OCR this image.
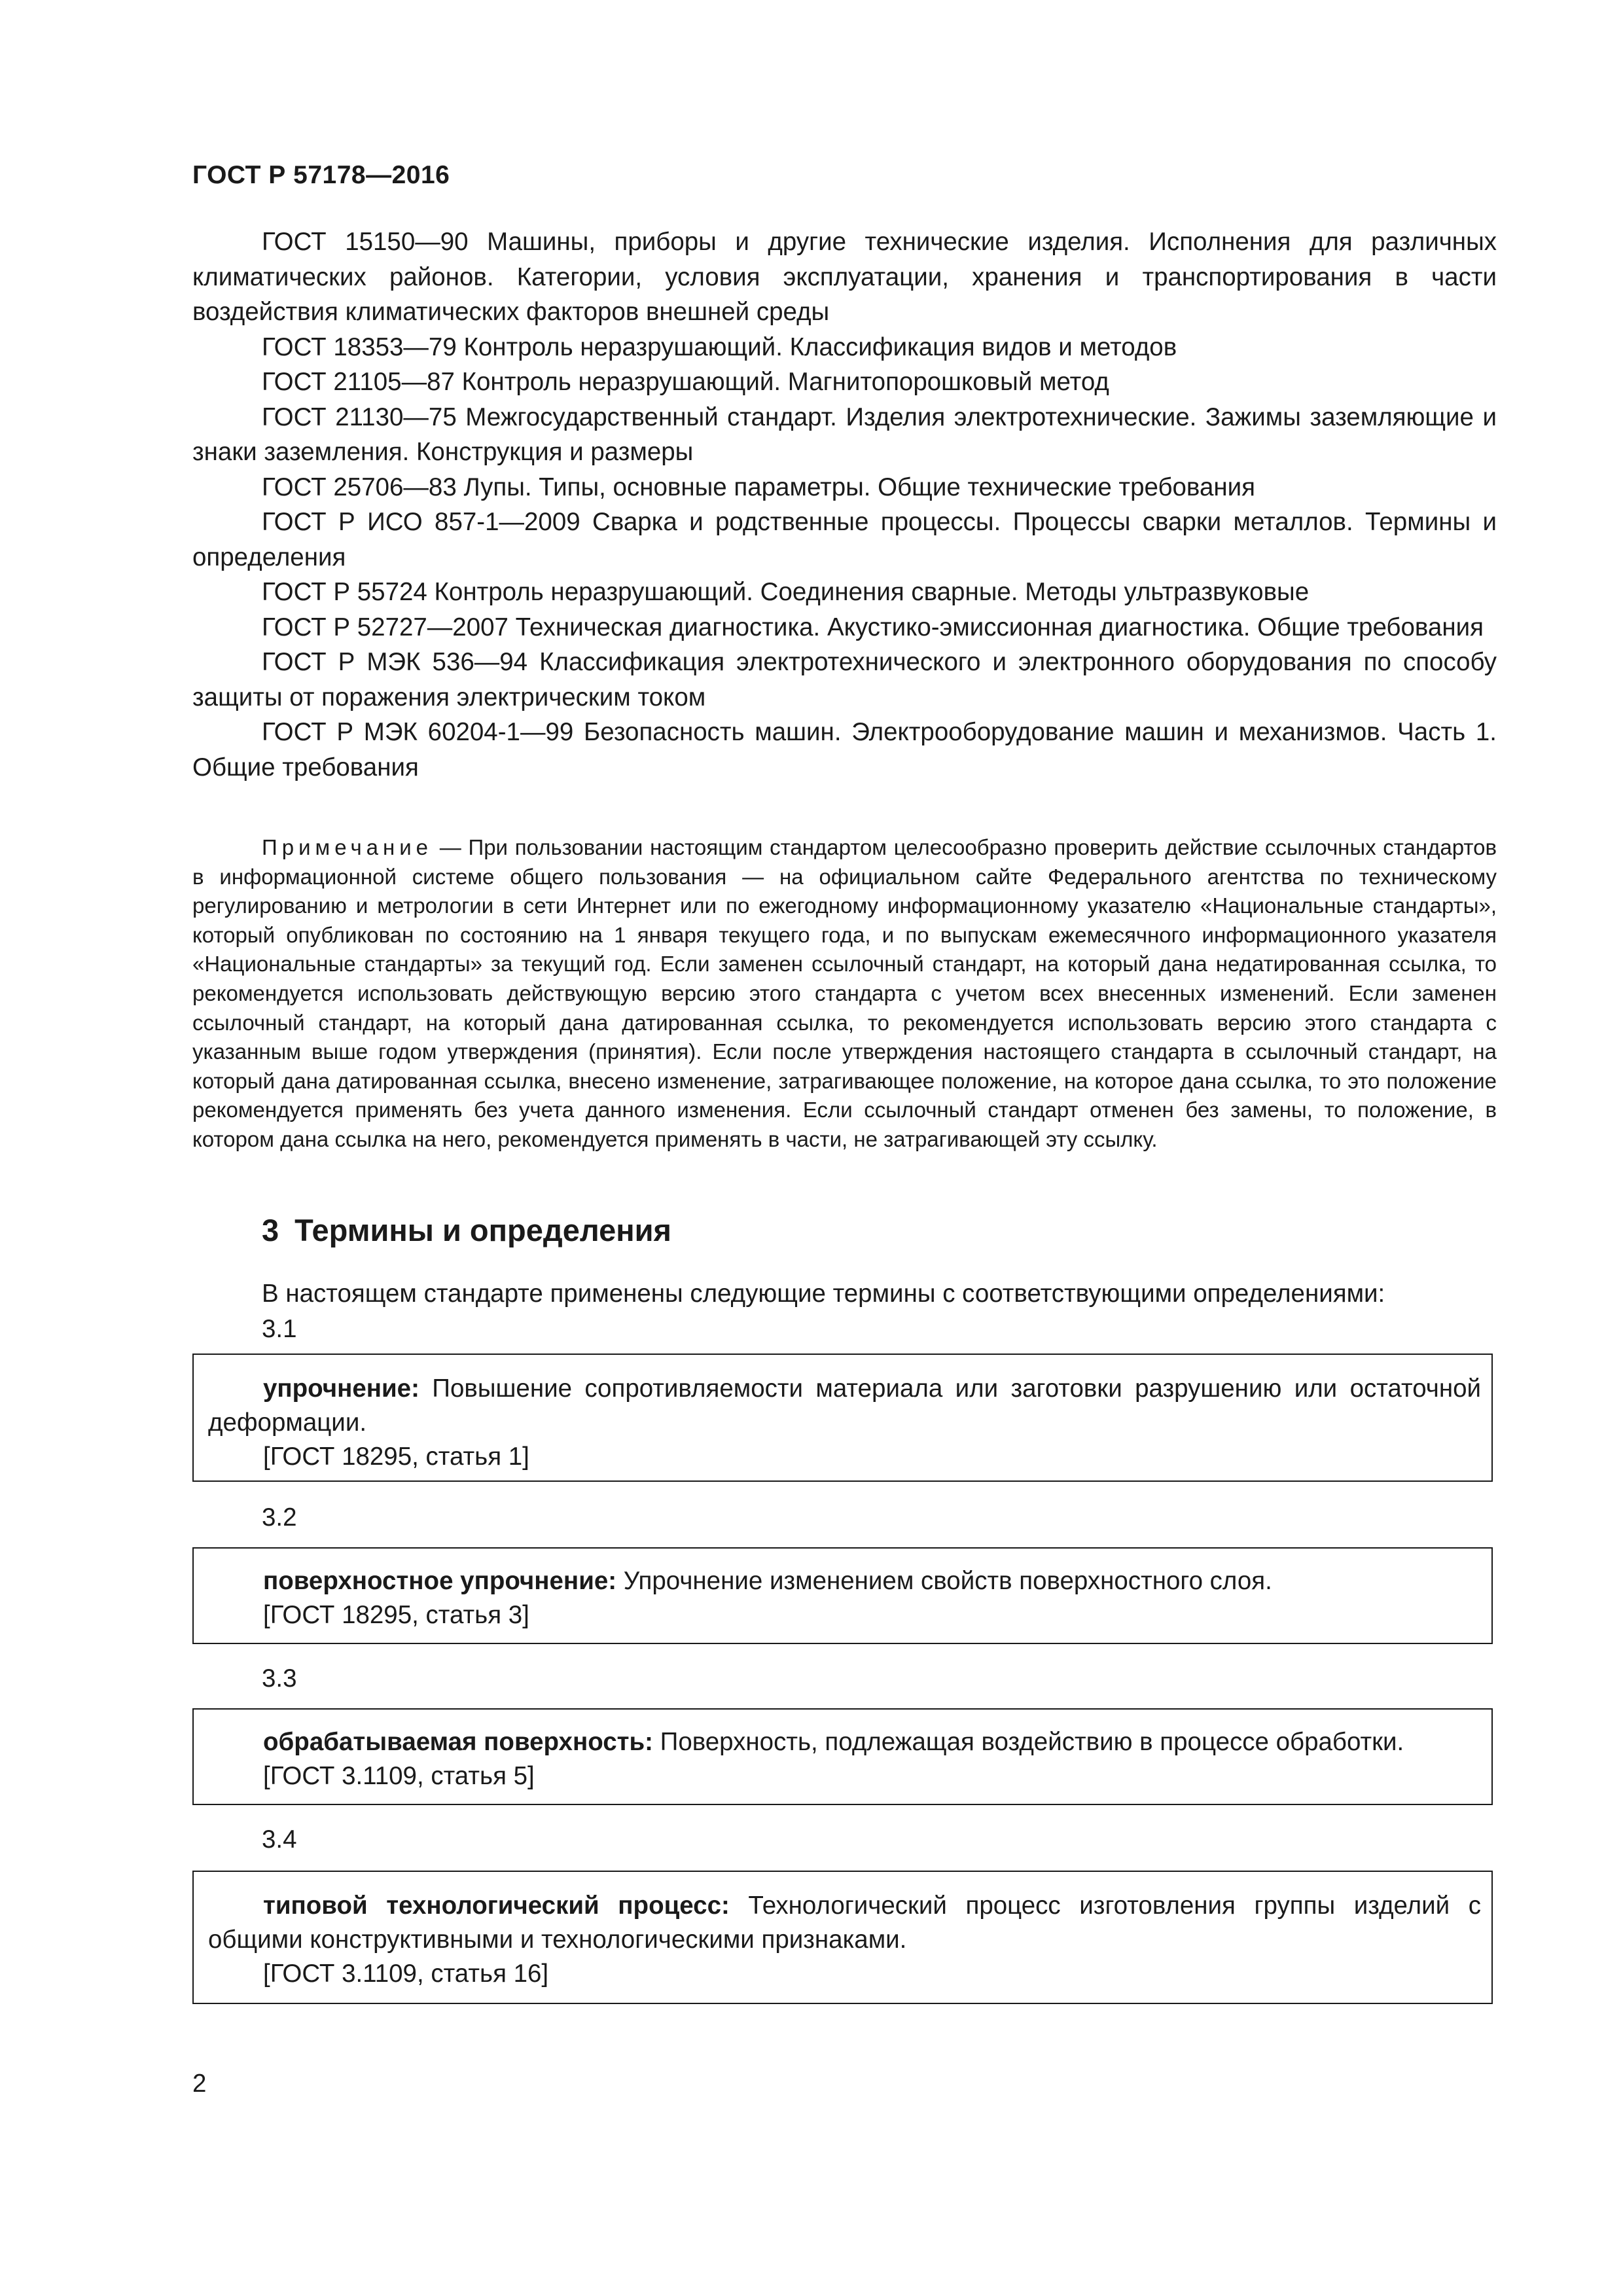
ГОСТ Р 57178—2016

ГОСТ 15150—90 Машины, приборы и другие технические изделия. Исполнения для различных климатических районов. Категории, условия эксплуатации, хранения и транспортирования в части воздействия климатических факторов внешней среды

ГОСТ 18353—79 Контроль неразрушающий. Классификация видов и методов

ГОСТ 21105—87 Контроль неразрушающий. Магнитопорошковый метод

ГОСТ 21130—75 Межгосударственный стандарт. Изделия электротехнические. Зажимы заземляющие и знаки заземления. Конструкция и размеры

ГОСТ 25706—83 Лупы. Типы, основные параметры. Общие технические требования

ГОСТ Р ИСО 857-1—2009 Сварка и родственные процессы. Процессы сварки металлов. Термины и определения

ГОСТ Р 55724 Контроль неразрушающий. Соединения сварные. Методы ультразвуковые

ГОСТ Р 52727—2007 Техническая диагностика. Акустико-эмиссионная диагностика. Общие требования

ГОСТ Р МЭК 536—94 Классификация электротехнического и электронного оборудования по способу защиты от поражения электрическим током

ГОСТ Р МЭК 60204-1—99 Безопасность машин. Электрооборудование машин и механизмов. Часть 1. Общие требования

Примечание — При пользовании настоящим стандартом целесообразно проверить действие ссылочных стандартов в информационной системе общего пользования — на официальном сайте Федерального агентства по техническому регулированию и метрологии в сети Интернет или по ежегодному информационному указателю «Национальные стандарты», который опубликован по состоянию на 1 января текущего года, и по выпускам ежемесячного информационного указателя «Национальные стандарты» за текущий год. Если заменен ссылочный стандарт, на который дана недатированная ссылка, то рекомендуется использовать действующую версию этого стандарта с учетом всех внесенных изменений. Если заменен ссылочный стандарт, на который дана датированная ссылка, то рекомендуется использовать версию этого стандарта с указанным выше годом утверждения (принятия). Если после утверждения настоящего стандарта в ссылочный стандарт, на который дана датированная ссылка, внесено изменение, затрагивающее положение, на которое дана ссылка, то это положение рекомендуется применять без учета данного изменения. Если ссылочный стандарт отменен без замены, то положение, в котором дана ссылка на него, рекомендуется применять в части, не затрагивающей эту ссылку.

3 Термины и определения
В настоящем стандарте применены следующие термины с соответствующими определениями:
3.1

упрочнение: Повышение сопротивляемости материала или заготовки разрушению или остаточной деформации.

[ГОСТ 18295, статья 1]

3.2

поверхностное упрочнение: Упрочнение изменением свойств поверхностного слоя.

[ГОСТ 18295, статья 3]

3.3

обрабатываемая поверхность: Поверхность, подлежащая воздействию в процессе обработки.

[ГОСТ 3.1109, статья 5]

3.4

типовой технологический процесс: Технологический процесс изготовления группы изделий с общими конструктивными и технологическими признаками.

[ГОСТ 3.1109, статья 16]

2
